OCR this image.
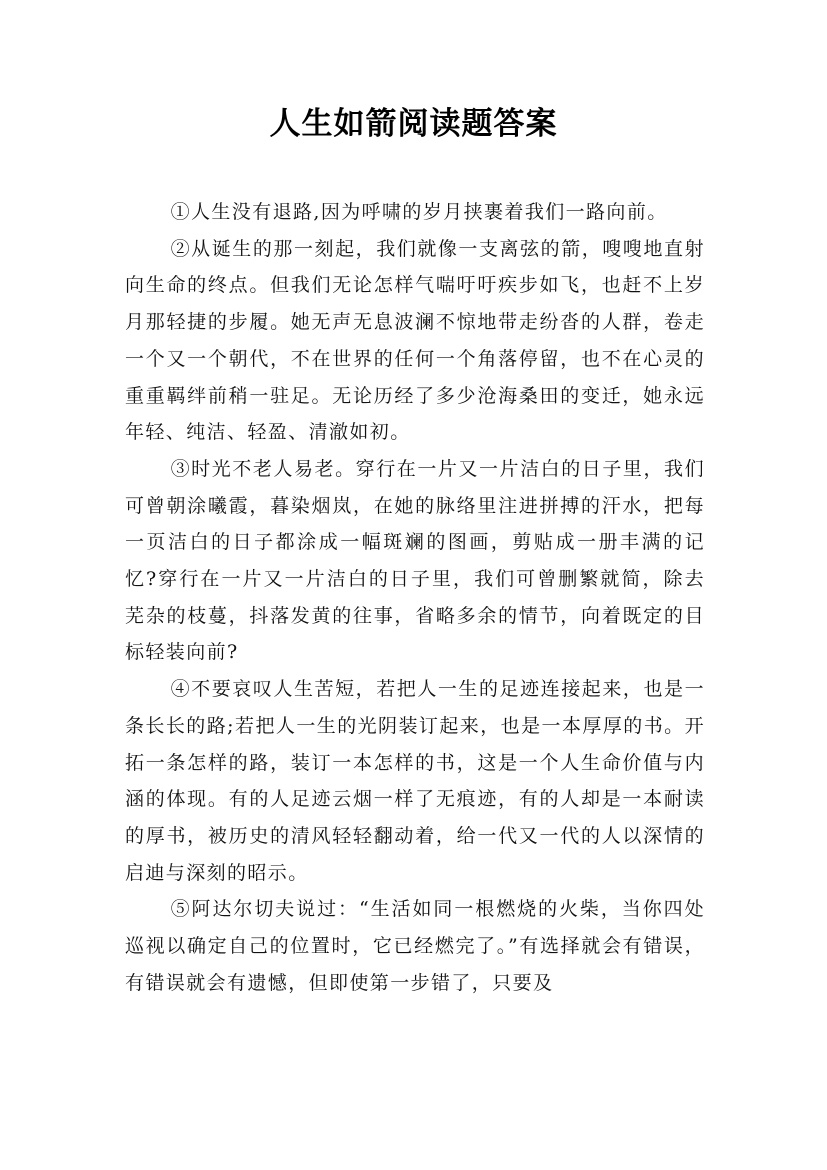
人生如箭阅读题答案

①人生没有退路,因为呼啸的岁月挟裹着我们一路向前。

②从诞生的那一刻起，我们就像一支离弦的箭，嗖嗖地直射向生命的终点。但我们无论怎样气喘吁吁疾步如飞，也赶不上岁月那轻捷的步履。她无声无息波澜不惊地带走纷沓的人群，卷走一个又一个朝代，不在世界的任何一个角落停留，也不在心灵的重重羁绊前稍一驻足。无论历经了多少沧海桑田的变迁，她永远年轻、纯洁、轻盈、清澈如初。

③时光不老人易老。穿行在一片又一片洁白的日子里，我们可曾朝涂曦霞，暮染烟岚，在她的脉络里注进拼搏的汗水，把每一页洁白的日子都涂成一幅斑斓的图画，剪贴成一册丰满的记忆?穿行在一片又一片洁白的日子里，我们可曾删繁就简，除去芜杂的枝蔓，抖落发黄的往事，省略多余的情节，向着既定的目标轻装向前?

④不要哀叹人生苦短，若把人一生的足迹连接起来，也是一条长长的路;若把人一生的光阴装订起来，也是一本厚厚的书。开拓一条怎样的路，装订一本怎样的书，这是一个人生命价值与内涵的体现。有的人足迹云烟一样了无痕迹，有的人却是一本耐读的厚书，被历史的清风轻轻翻动着，给一代又一代的人以深情的启迪与深刻的昭示。

⑤阿达尔切夫说过：“生活如同一根燃烧的火柴，当你四处巡视以确定自己的位置时，它已经燃完了。”有选择就会有错误，有错误就会有遗憾，但即使第一步错了，只要及
